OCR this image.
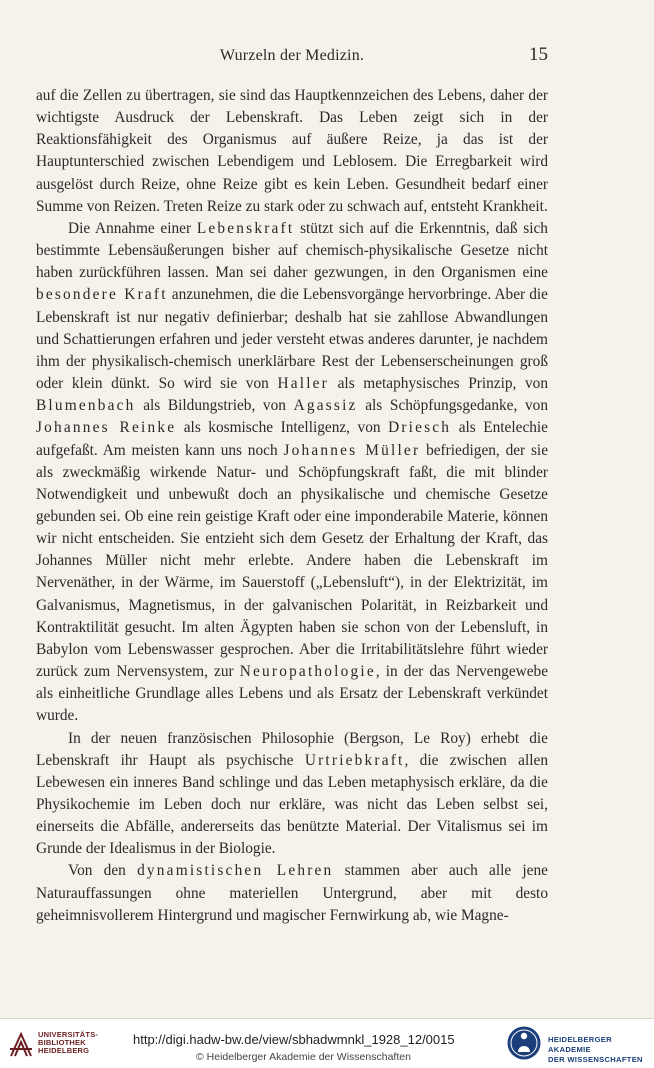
Wurzeln der Medizin.	15

auf die Zellen zu übertragen, sie sind das Hauptkennzeichen des Lebens, daher der wichtigste Ausdruck der Lebenskraft. Das Leben zeigt sich in der Reaktionsfähigkeit des Organismus auf äußere Reize, ja das ist der Hauptunterschied zwischen Lebendigem und Leblosem. Die Erregbarkeit wird ausgelöst durch Reize, ohne Reize gibt es kein Leben. Gesundheit bedarf einer Summe von Reizen. Treten Reize zu stark oder zu schwach auf, entsteht Krankheit.

Die Annahme einer Lebenskraft stützt sich auf die Erkenntnis, daß sich bestimmte Lebensäußerungen bisher auf chemisch-physikalische Gesetze nicht haben zurückführen lassen. Man sei daher gezwungen, in den Organismen eine besondere Kraft anzunehmen, die die Lebensvorgänge hervorbringe. Aber die Lebenskraft ist nur negativ definierbar; deshalb hat sie zahllose Abwandlungen und Schattierungen erfahren und jeder versteht etwas anderes darunter, je nachdem ihm der physikalisch-chemisch unerklärbare Rest der Lebenserscheinungen groß oder klein dünkt. So wird sie von Haller als metaphysisches Prinzip, von Blumenbach als Bildungstrieb, von Agassiz als Schöpfungsgedanke, von Johannes Reinke als kosmische Intelligenz, von Driesch als Entelechie aufgefaßt. Am meisten kann uns noch Johannes Müller befriedigen, der sie als zweckmäßig wirkende Natur- und Schöpfungskraft faßt, die mit blinder Notwendigkeit und unbewußt doch an physikalische und chemische Gesetze gebunden sei. Ob eine rein geistige Kraft oder eine imponderabile Materie, können wir nicht entscheiden. Sie entzieht sich dem Gesetz der Erhaltung der Kraft, das Johannes Müller nicht mehr erlebte. Andere haben die Lebenskraft im Nervenäther, in der Wärme, im Sauerstoff („Lebensluft“), in der Elektrizität, im Galvanismus, Magnetismus, in der galvanischen Polarität, in Reizbarkeit und Kontraktilität gesucht. Im alten Ägypten haben sie schon von der Lebensluft, in Babylon vom Lebenswasser gesprochen. Aber die Irritabilitätslehre führt wieder zurück zum Nervensystem, zur Neuropathologie, in der das Nervengewebe als einheitliche Grundlage alles Lebens und als Ersatz der Lebenskraft verkündet wurde.

In der neuen französischen Philosophie (Bergson, Le Roy) erhebt die Lebenskraft ihr Haupt als psychische Urtriebkraft, die zwischen allen Lebewesen ein inneres Band schlinge und das Leben metaphysisch erkläre, da die Physikochemie im Leben doch nur erkläre, was nicht das Leben selbst sei, einerseits die Abfälle, andererseits das benützte Material. Der Vitalismus sei im Grunde der Idealismus in der Biologie.

Von den dynamistischen Lehren stammen aber auch alle jene Naturauffassungen ohne materiellen Untergrund, aber mit desto geheimnisvollerem Hintergrund und magischer Fernwirkung ab, wie Magne-

UNIVERSITÄTS-
BIBLIOTHEK
HEIDELBERG
http://digi.hadw-bw.de/view/sbhadwmnkl_1928_12/0015
© Heidelberger Akademie der Wissenschaften
HEIDELBERGER AKADEMIE
DER WISSENSCHAFTEN
